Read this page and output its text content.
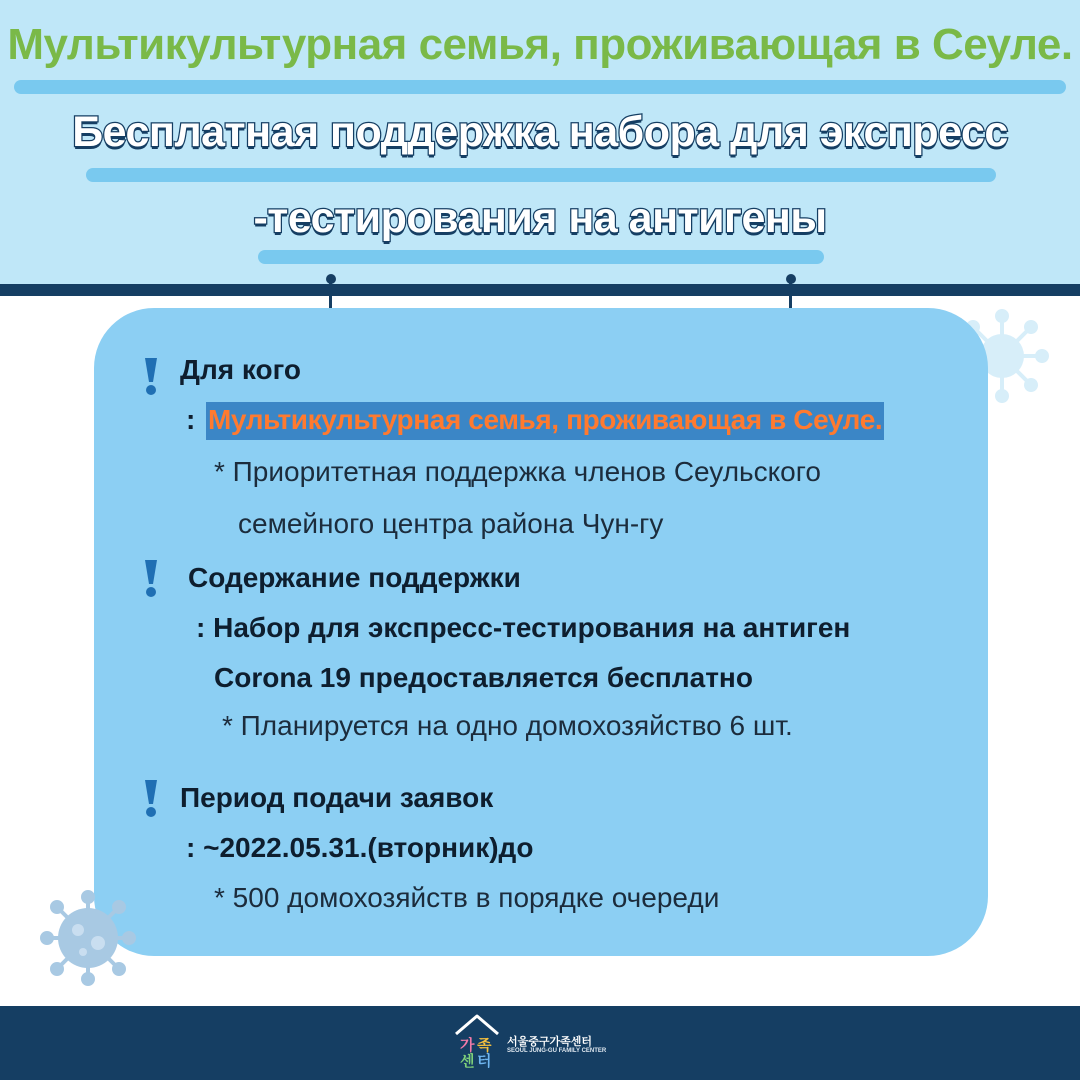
Мультикультурная семья, проживающая в Сеуле.
Бесплатная поддержка набора для экспресс
-тестирования на антигены
Для кого
: Мультикультурная семья, проживающая в Сеуле.
* Приоритетная поддержка членов Сеульского
семейного центра района Чун-гу
Содержание поддержки
: Набор для экспресс-тестирования на антиген
Corona 19 предоставляется бесплатно
* Планируется на одно домохозяйство 6 шт.
Период подачи заявок
: ~2022.05.31.(вторник)до
* 500 домохозяйств в порядке очереди
가 족
센 터
서울중구가족센터
SEOUL JUNG-GU FAMILY CENTER
